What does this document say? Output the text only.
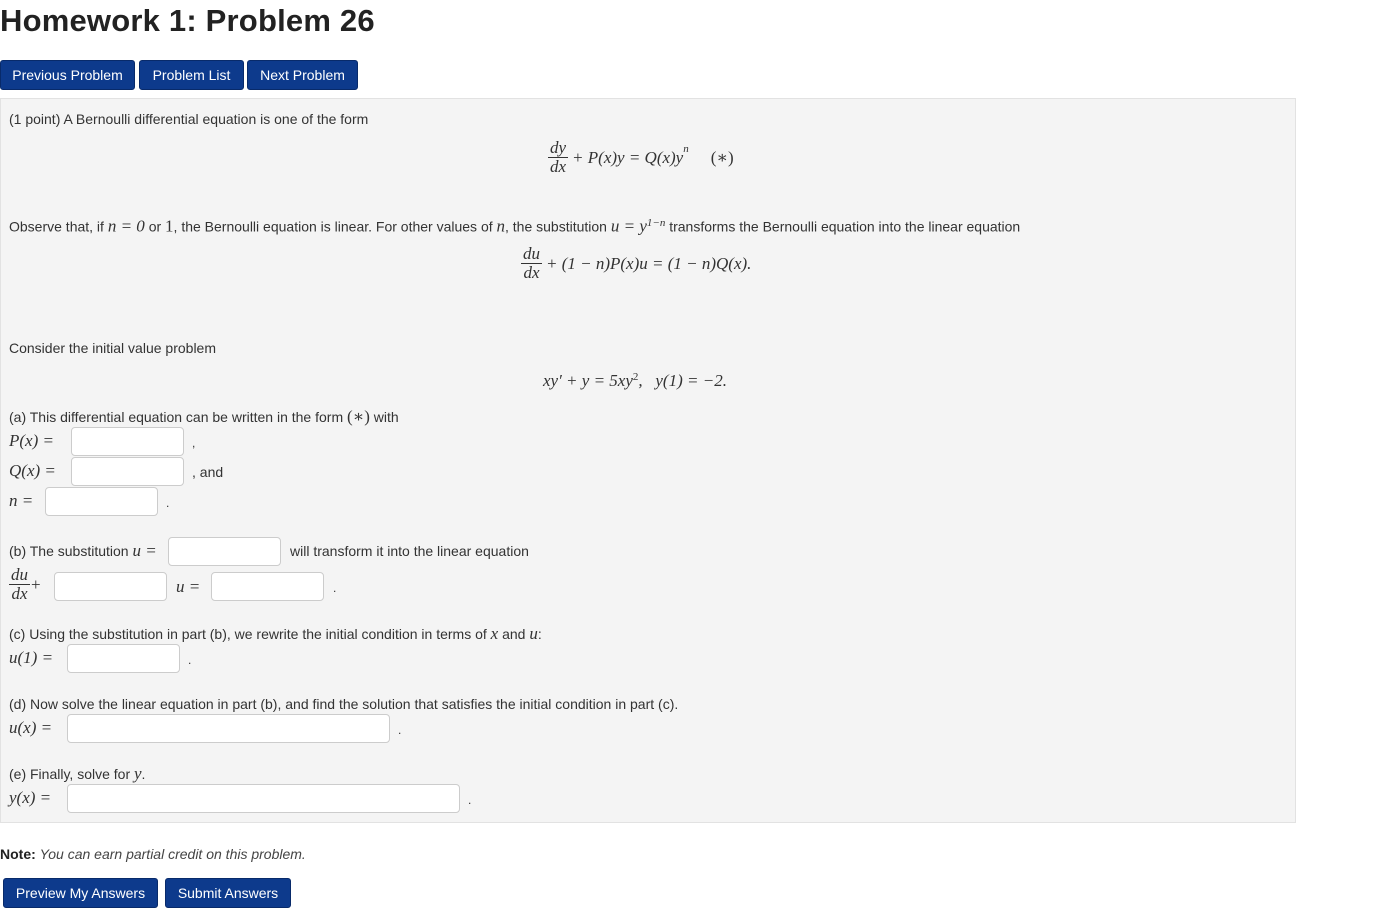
Homework 1: Problem 26
Previous Problem	Problem List	Next Problem
(1 point) A Bernoulli differential equation is one of the form
$\frac{dy}{dx} + P(x)y = Q(x)y^n$ (∗)
Observe that, if n = 0 or 1, the Bernoulli equation is linear. For other values of n, the substitution $u = y^{1-n}$ transforms the Bernoulli equation into the linear equation
$\frac{du}{dx} + (1 - n)P(x)u = (1 - n)Q(x)$.
Consider the initial value problem
$xy' + y = 5xy^2$ ,   y(1) = −2.
(a) This differential equation can be written in the form (∗) with
P(x) =	,
Q(x) =	, and
n =	.
(b) The substitution u =	will transform it into the linear equation
$\frac{du}{dx}$ +	u =	.
(c) Using the substitution in part (b), we rewrite the initial condition in terms of x and u:
u(1) =	.
(d) Now solve the linear equation in part (b), and find the solution that satisfies the initial condition in part (c).
u(x) =	.
(e) Finally, solve for y.
y(x) =	.
Note: You can earn partial credit on this problem.
Preview My Answers	Submit Answers
